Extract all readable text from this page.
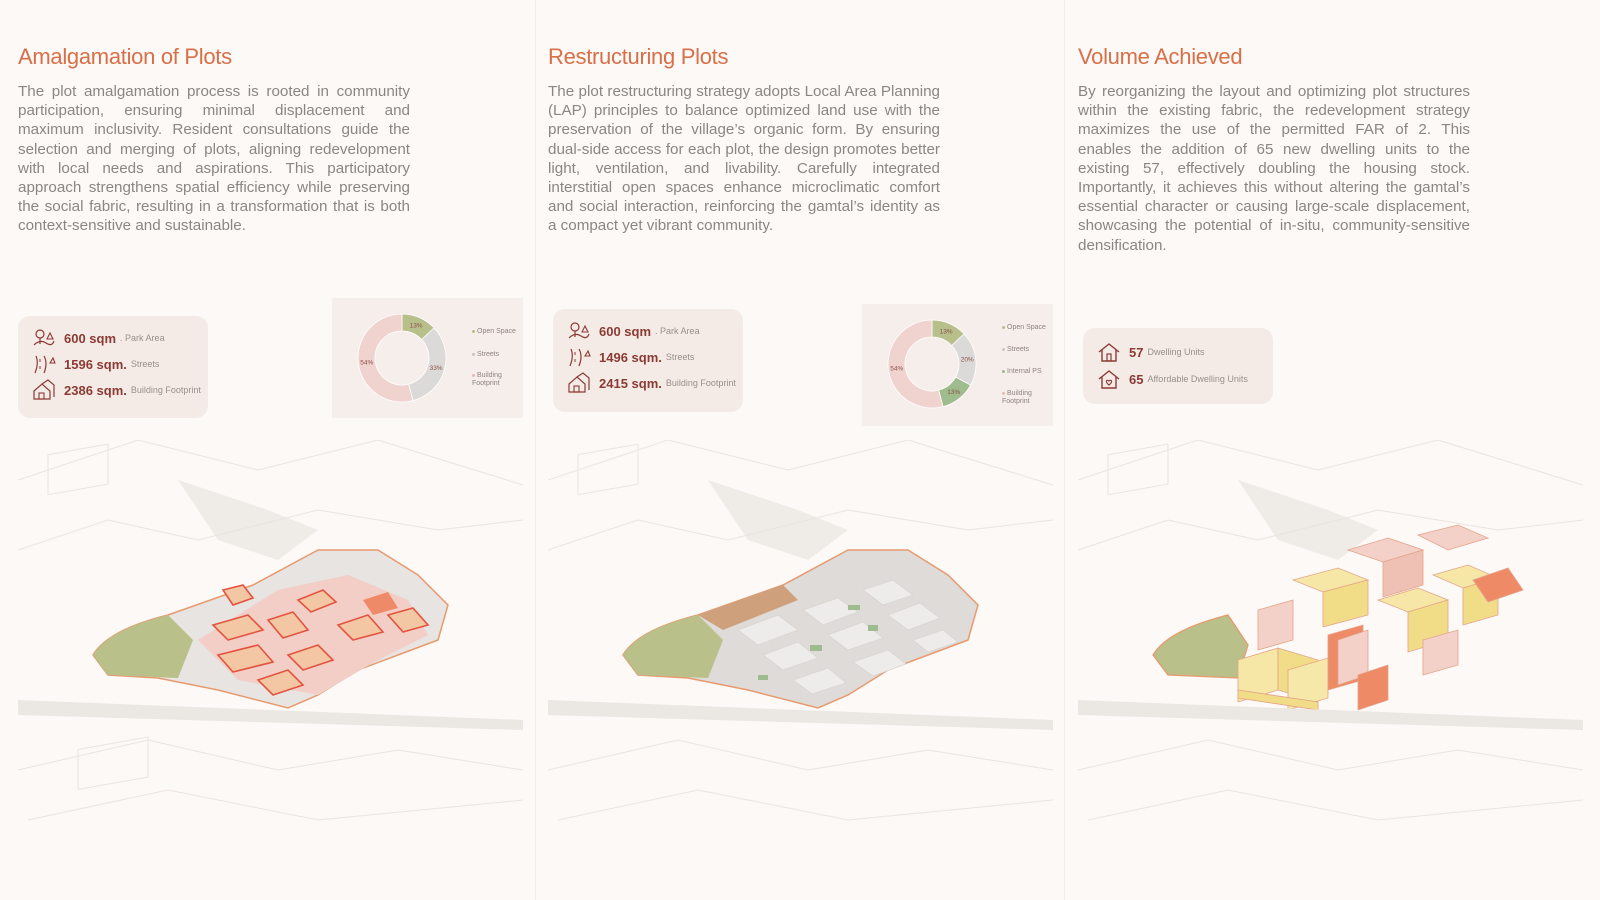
Amalgamation of Plots
The plot amalgamation process is rooted in community participation, ensuring minimal displacement and maximum inclusivity. Resident consultations guide the selection and merging of plots, aligning redevelopment with local needs and aspirations. This participatory approach strengthens spatial efficiency while preserving the social fabric, resulting in a transformation that is both context-sensitive and sustainable.
600 sqm . Park Area
1596 sqm. Streets
2386 sqm. Building Footprint
13%
33%
54%
Open Space
Streets
Building Footprint
Restructuring Plots
The plot restructuring strategy adopts Local Area Planning (LAP) principles to balance optimized land use with the preservation of the village’s organic form. By ensuring dual-side access for each plot, the design promotes better light, ventilation, and livability. Carefully integrated interstitial open spaces enhance microclimatic comfort and social interaction, reinforcing the gamtal’s identity as a compact yet vibrant community.
600 sqm . Park Area
1496 sqm. Streets
2415 sqm. Building Footprint
13%
20%
13%
54%
Open Space
Streets
Internal PS
Building Footprint
Volume Achieved
By reorganizing the layout and optimizing plot structures within the existing fabric, the redevelopment strategy maximizes the use of the permitted FAR of 2. This enables the addition of 65 new dwelling units to the existing 57, effectively doubling the housing stock. Importantly, it achieves this without altering the gamtal’s essential character or causing large-scale displacement, showcasing the potential of in-situ, community-sensitive densification.
57 Dwelling Units
65 Affordable Dwelling Units
